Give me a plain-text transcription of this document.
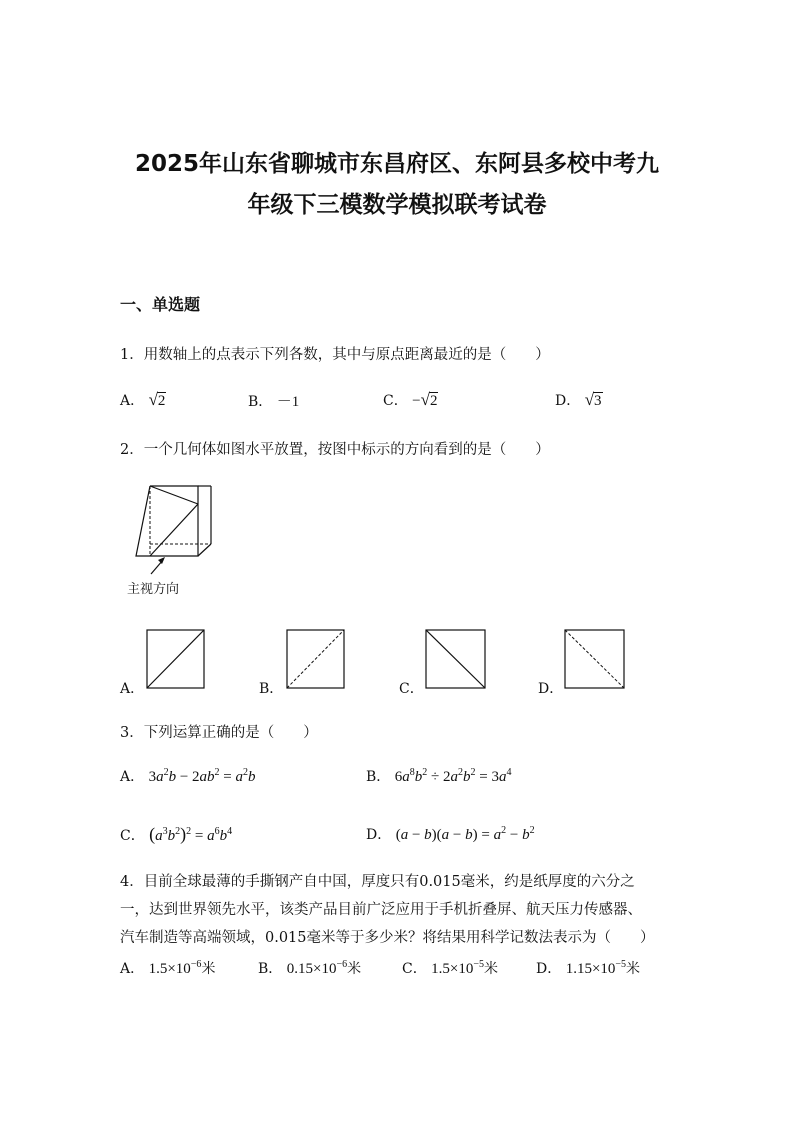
2025年山东省聊城市东昌府区、东阿县多校中考九
年级下三模数学模拟联考试卷
一、单选题
1．用数轴上的点表示下列各数，其中与原点距离最近的是（　　）
A． √2	B． －1	C． −√2	D． √3
2．一个几何体如图水平放置，按图中标示的方向看到的是（　　）
主视方向
A．	B．	C．	D．
3．下列运算正确的是（　　）
A． $3a^2b - 2ab^2 = a^2b$	B． $6a^8b^2 \div 2a^2b^2 = 3a^4$
C． $(a^3b^2)^2 = a^6b^4$	D． $(a - b)(a - b) = a^2 - b^2$
4．目前全球最薄的手撕钢产自中国，厚度只有0.015毫米，约是纸厚度的六分之
一，达到世界领先水平，该类产品目前广泛应用于手机折叠屏、航天压力传感器、
汽车制造等高端领域，0.015毫米等于多少米？将结果用科学记数法表示为（　　）
A． $1.5\times 10^{-6}$米	B． $0.15\times 10^{-6}$米	C． $1.5\times 10^{-5}$米	D． $1.15\times 10^{-5}$米
